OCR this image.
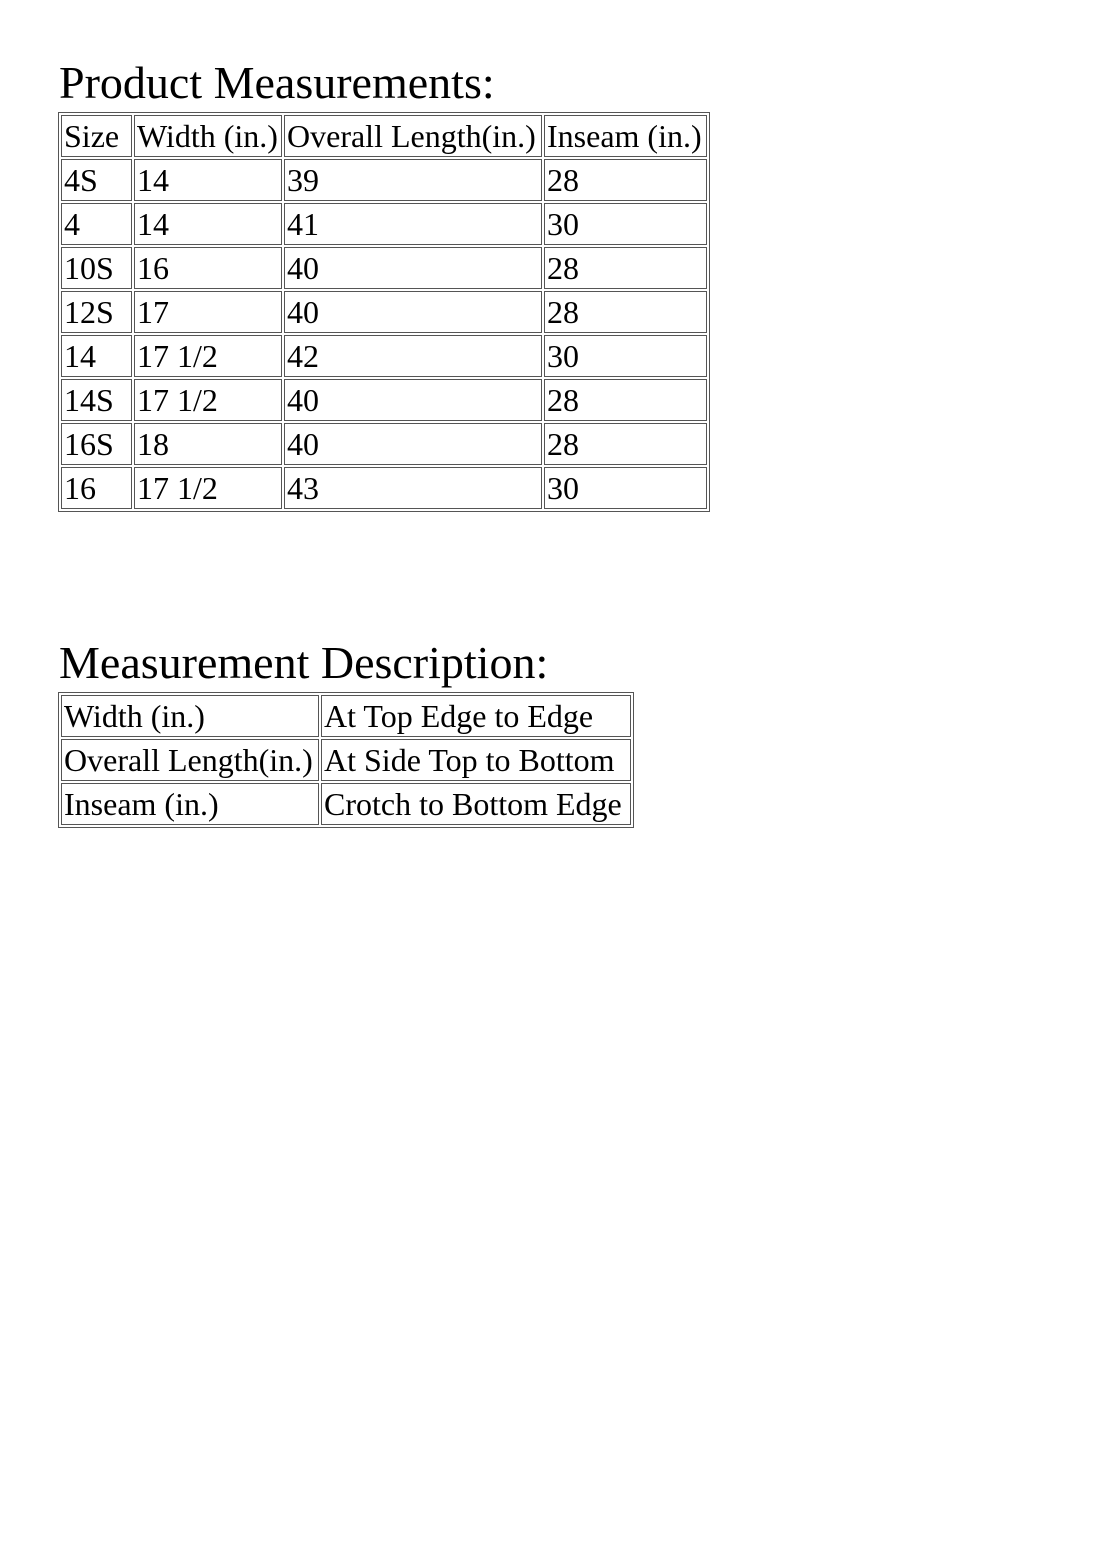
Product Measurements:
Size	Width (in.)	Overall Length(in.)	Inseam (in.)
4S	14	39	28
4	14	41	30
10S	16	40	28
12S	17	40	28
14	17 1/2	42	30
14S	17 1/2	40	28
16S	18	40	28
16	17 1/2	43	30
Measurement Description:
Width (in.)	At Top Edge to Edge
Overall Length(in.)	At Side Top to Bottom
Inseam (in.)	Crotch to Bottom Edge
